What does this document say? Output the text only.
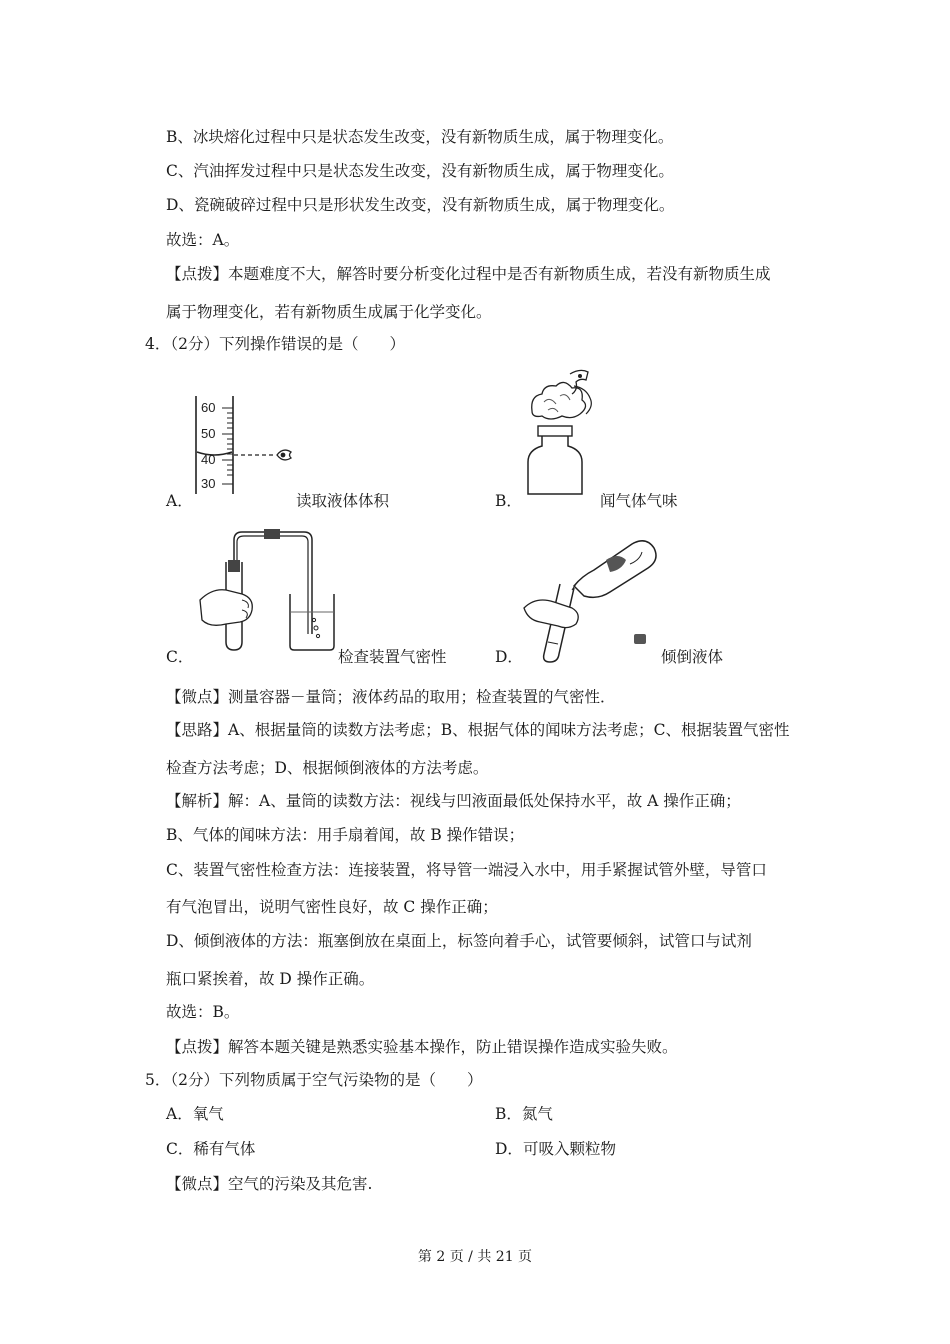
B、冰块熔化过程中只是状态发生改变，没有新物质生成，属于物理变化。
C、汽油挥发过程中只是状态发生改变，没有新物质生成，属于物理变化。
D、瓷碗破碎过程中只是形状发生改变，没有新物质生成，属于物理变化。
故选：A。
【点拨】本题难度不大，解答时要分析变化过程中是否有新物质生成，若没有新物质生成
属于物理变化，若有新物质生成属于化学变化。
4．（2分）下列操作错误的是（　　）
A．
60
50
40
30
读取液体体积	B．	闻气体气味
C．	检查装置气密性	D．	倾倒液体
【微点】测量容器－量筒；液体药品的取用；检查装置的气密性．
【思路】A、根据量筒的读数方法考虑；B、根据气体的闻味方法考虑；C、根据装置气密性
检查方法考虑；D、根据倾倒液体的方法考虑。
【解析】解：A、量筒的读数方法：视线与凹液面最低处保持水平，故 A 操作正确；
B、气体的闻味方法：用手扇着闻，故 B 操作错误；
C、装置气密性检查方法：连接装置，将导管一端浸入水中，用手紧握试管外壁，导管口
有气泡冒出，说明气密性良好，故 C 操作正确；
D、倾倒液体的方法：瓶塞倒放在桌面上，标签向着手心，试管要倾斜，试管口与试剂
瓶口紧挨着，故 D 操作正确。
故选：B。
【点拨】解答本题关键是熟悉实验基本操作，防止错误操作造成实验失败。
5．（2分）下列物质属于空气污染物的是（　　）
A．氧气	B．氮气
C．稀有气体	D．可吸入颗粒物
【微点】空气的污染及其危害.
第 2 页 / 共 21 页
